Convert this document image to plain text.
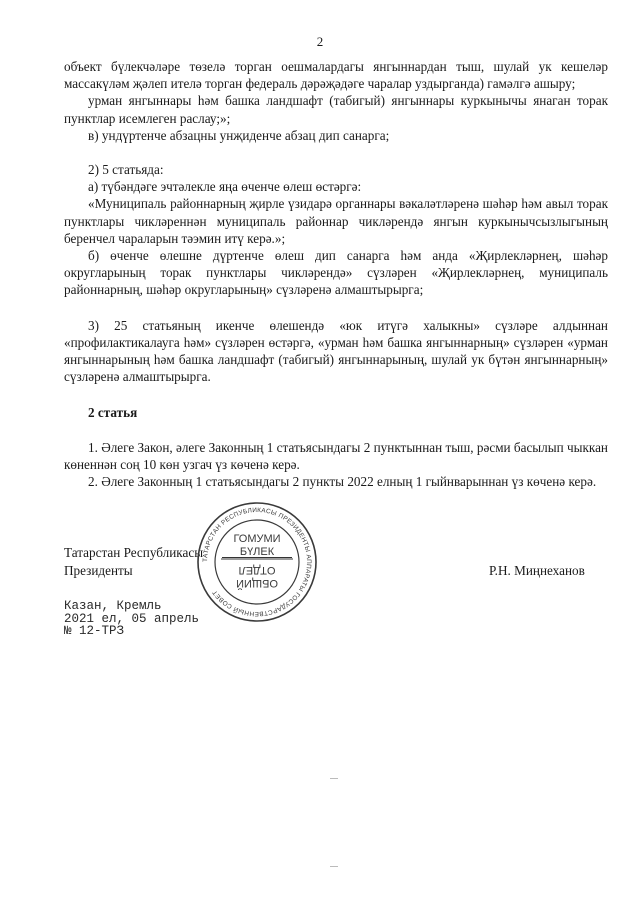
2

объект бүлекчәләре төзелә торган оешмалардагы янгыннардан тыш, шулай ук кешеләр массакүләм җәлеп ителә торган федераль дәрәҗәдәге чаралар уздырганда) гамәлгә ашыру;

урман янгыннары һәм башка ландшафт (табигый) янгыннары куркынычы янаган торак пунктлар исемлеген раслау;»;

в) ундүртенче абзацны унҗиденче абзац дип санарга;

2) 5 статьяда:

а) түбәндәге эчтәлекле яңа өченче өлеш өстәргә:

«Муниципаль районнарның җирле үзидарә органнары вәкаләтләренә шәһәр һәм авыл торак пунктлары чикләреннән муниципаль районнар чикләрендә янгын куркынычсызлыгының беренчел чараларын тәэмин итү керә.»;

б) өченче өлешне дүртенче өлеш дип санарга һәм анда «Җирлекләрнең, шәһәр округларының торак пунктлары чикләрендә» сүзләрен «Җирлекләрнең, муниципаль районнарның, шәһәр округларының» сүзләренә алмаштырырга;

3) 25 статьяның икенче өлешендә «юк итүгә халыкны» сүзләре алдыннан «профилактикалауга һәм» сүзләрен өстәргә, «урман һәм башка янгыннарның» сүзләрен «урман янгыннарының һәм башка ландшафт (табигый) янгыннарының, шулай ук бүтән янгыннарның» сүзләренә алмаштырырга.

2 статья

1. Әлеге Закон, әлеге Законның 1 статьясындагы 2 пунктыннан тыш, рәсми басылып чыккан көненнән соң 10 көн узгач үз көченә керә.

2. Әлеге Законның 1 статьясындагы 2 пункты 2022 елның 1 гыйнварыннан үз көченә керә.

Татарстан Республикасы
Президенты	Р.Н. Миңнеханов
ТАТАРСТАН РЕСПУБЛИКАСЫ ПРЕЗИДЕНТЫ АППАРАТЫ ГОСУДАРСТВЕННЫЙ СОВЕТ
ГОМУМИ
БҮЛЕК
ОТДЕЛ
ОБЩИЙ
Казан, Кремль
2021 ел, 05 апрель
№ 12-ТРЗ
